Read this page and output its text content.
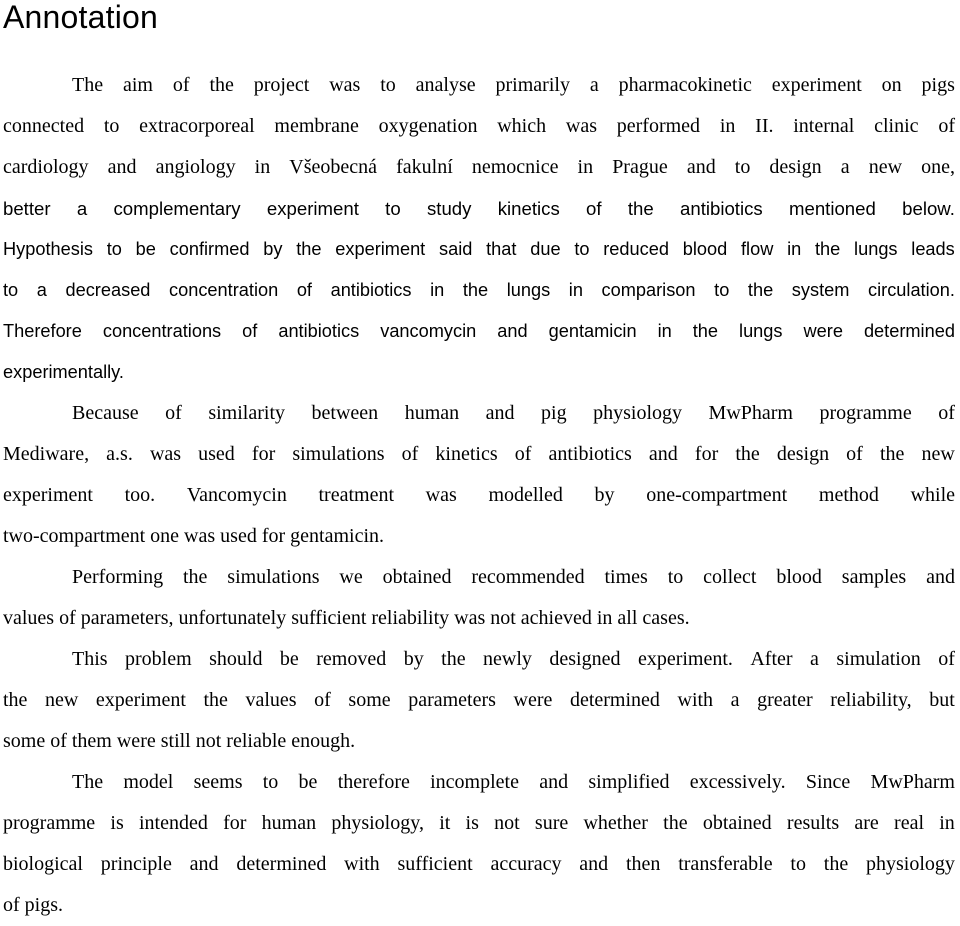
Annotation
The aim of the project was to analyse primarily a pharmacokinetic experiment on pigs
connected to extracorporeal membrane oxygenation which was performed in II. internal clinic of
cardiology and angiology in Všeobecná fakulní nemocnice in Prague and to design a new one,
better a complementary experiment to study kinetics of the antibiotics mentioned below.
Hypothesis to be confirmed by the experiment said that due to reduced blood flow in the lungs leads
to a decreased concentration of antibiotics in the lungs in comparison to the system circulation.
Therefore concentrations of antibiotics vancomycin and gentamicin in the lungs were determined
experimentally.
Because of similarity between human and pig physiology MwPharm programme of
Mediware, a.s. was used for simulations of kinetics of antibiotics and for the design of the new
experiment too. Vancomycin treatment was modelled by one-compartment method while
two-compartment one was used for gentamicin.
Performing the simulations we obtained recommended times to collect blood samples and
values of parameters, unfortunately sufficient reliability was not achieved in all cases.
This problem should be removed by the newly designed experiment. After a simulation of
the new experiment the values of some parameters were determined with a greater reliability, but
some of them were still not reliable enough.
The model seems to be therefore incomplete and simplified excessively. Since MwPharm
programme is intended for human physiology, it is not sure whether the obtained results are real in
biological principle and determined with sufficient accuracy and then transferable to the physiology
of pigs.
